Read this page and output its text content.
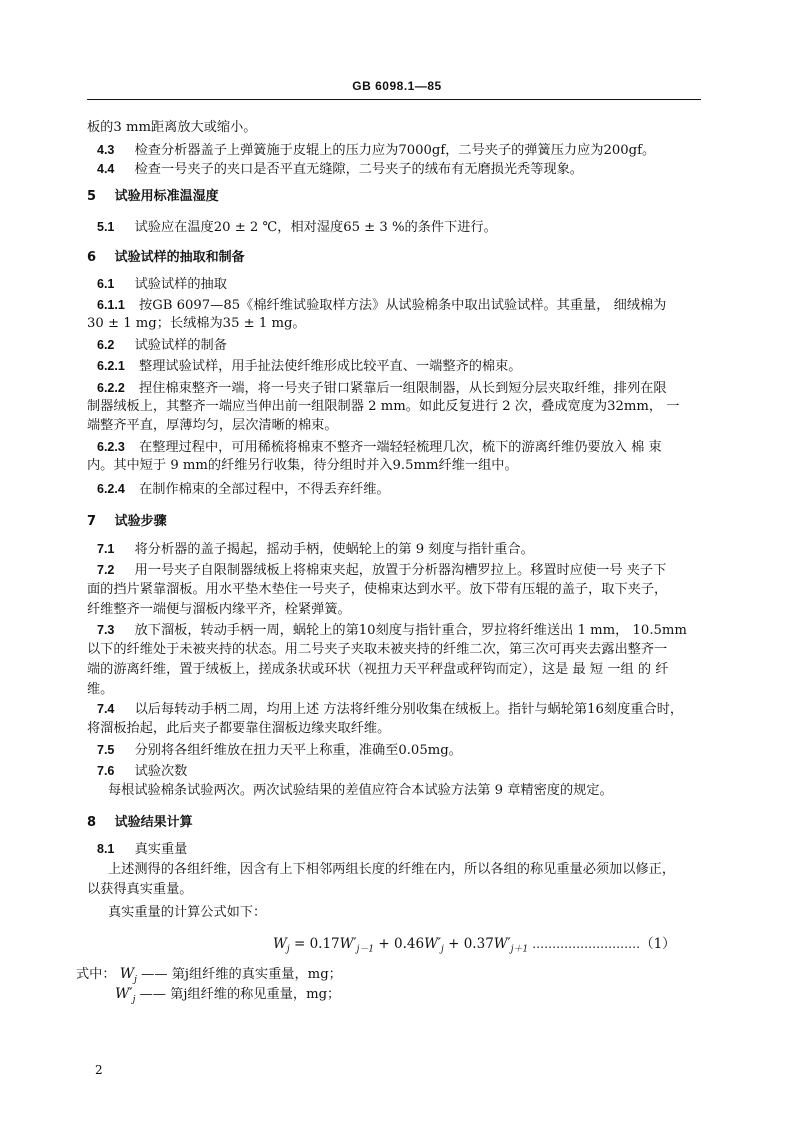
GB 6098.1—85
板的3 mm距离放大或缩小。
4.3 检查分析器盖子上弹簧施于皮辊上的压力应为7000gf，二号夹子的弹簧压力应为200gf。
4.4 检查一号夹子的夹口是否平直无缝隙，二号夹子的绒布有无磨损光秃等现象。
5 试验用标准温湿度
5.1 试验应在温度20 ± 2 ℃，相对湿度65 ± 3 %的条件下进行。
6 试验试样的抽取和制备
6.1 试验试样的抽取
6.1.1 按GB 6097—85《棉纤维试验取样方法》从试验棉条中取出试验试样。其重量， 细绒棉为
30 ± 1 mg；长绒棉为35 ± 1 mg。
6.2 试验试样的制备
6.2.1 整理试验试样，用手扯法使纤维形成比较平直、一端整齐的棉束。
6.2.2 捏住棉束整齐一端，将一号夹子钳口紧靠后一组限制器，从长到短分层夹取纤维，排列在限
制器绒板上，其整齐一端应当伸出前一组限制器 2 mm。如此反复进行 2 次，叠成宽度为32mm， 一
端整齐平直，厚薄均匀，层次清晰的棉束。
6.2.3 在整理过程中，可用稀梳将棉束不整齐一端轻轻梳理几次，梳下的游离纤维仍要放入 棉 束
内。其中短于 9 mm的纤维另行收集，待分组时并入9.5mm纤维一组中。
6.2.4 在制作棉束的全部过程中，不得丢弃纤维。
7 试验步骤
7.1 将分析器的盖子揭起，摇动手柄，使蜗轮上的第 9 刻度与指针重合。
7.2 用一号夹子自限制器绒板上将棉束夹起，放置于分析器沟槽罗拉上。移置时应使一号 夹子下
面的挡片紧靠溜板。用水平垫木垫住一号夹子，使棉束达到水平。放下带有压辊的盖子，取下夹子，
纤维整齐一端便与溜板内缘平齐，栓紧弹簧。
7.3 放下溜板，转动手柄一周，蜗轮上的第10刻度与指针重合，罗拉将纤维送出 1 mm， 10.5mm
以下的纤维处于未被夹持的状态。用二号夹子夹取未被夹持的纤维二次，第三次可再夹去露出整齐一
端的游离纤维，置于绒板上，搓成条状或环状（视扭力天平秤盘或秤钩而定），这是 最 短 一组 的 纤
维。
7.4 以后每转动手柄二周，均用上述 方法将纤维分别收集在绒板上。指针与蜗轮第16刻度重合时，
将溜板抬起，此后夹子都要靠住溜板边缘夹取纤维。
7.5 分别将各组纤维放在扭力天平上称重，准确至0.05mg。
7.6 试验次数
每根试验棉条试验两次。两次试验结果的差值应符合本试验方法第 9 章精密度的规定。
8 试验结果计算
8.1 真实重量
上述测得的各组纤维，因含有上下相邻两组长度的纤维在内，所以各组的称见重量必须加以修正，
以获得真实重量。
真实重量的计算公式如下：
$W_j = 0.17W'_{j-1} + 0.46W'_j + 0.37W'_{j+1}$ ………………………（1）
式中： $W_j$ —— 第j组纤维的真实重量，mg；
$W'_j$ —— 第j组纤维的称见重量，mg；
2
